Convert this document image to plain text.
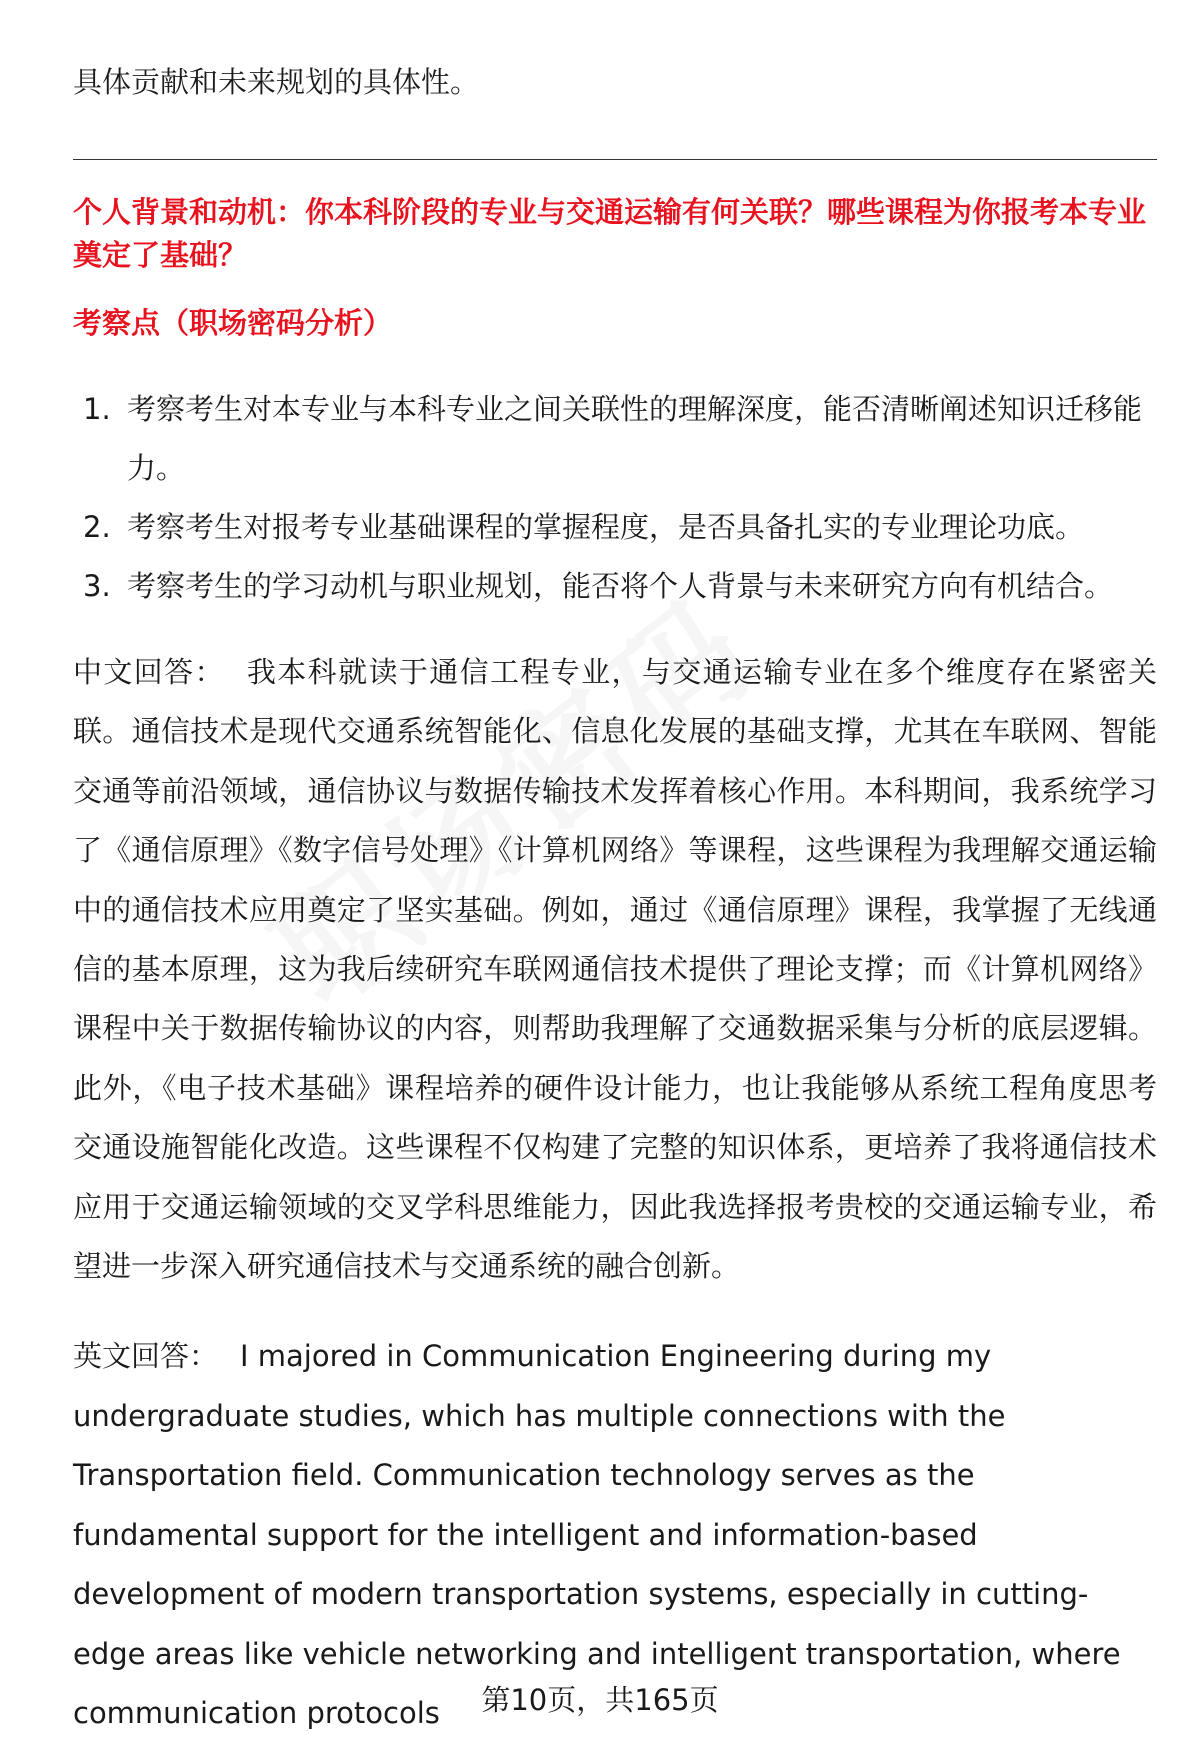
具体贡献和未来规划的具体性。
个人背景和动机：你本科阶段的专业与交通运输有何关联？哪些课程为你报考本专业奠定了基础？
考察点（职场密码分析）
1. 考察考生对本专业与本科专业之间关联性的理解深度，能否清晰阐述知识迁移能力。
2. 考察考生对报考专业基础课程的掌握程度，是否具备扎实的专业理论功底。
3. 考察考生的学习动机与职业规划，能否将个人背景与未来研究方向有机结合。

中文回答： 我本科就读于通信工程专业，与交通运输专业在多个维度存在紧密关联。通信技术是现代交通系统智能化、信息化发展的基础支撑，尤其在车联网、智能交通等前沿领域，通信协议与数据传输技术发挥着核心作用。本科期间，我系统学习了《通信原理》《数字信号处理》《计算机网络》等课程，这些课程为我理解交通运输中的通信技术应用奠定了坚实基础。例如，通过《通信原理》课程，我掌握了无线通信的基本原理，这为我后续研究车联网通信技术提供了理论支撑；而《计算机网络》课程中关于数据传输协议的内容，则帮助我理解了交通数据采集与分析的底层逻辑。此外，《电子技术基础》课程培养的硬件设计能力，也让我能够从系统工程角度思考交通设施智能化改造。这些课程不仅构建了完整的知识体系，更培养了我将通信技术应用于交通运输领域的交叉学科思维能力，因此我选择报考贵校的交通运输专业，希望进一步深入研究通信技术与交通系统的融合创新。

英文回答： I majored in Communication Engineering during my undergraduate studies, which has multiple connections with the Transportation field. Communication technology serves as the fundamental support for the intelligent and information-based development of modern transportation systems, especially in cutting-edge areas like vehicle networking and intelligent transportation, where communication protocols	第10页，共165页
